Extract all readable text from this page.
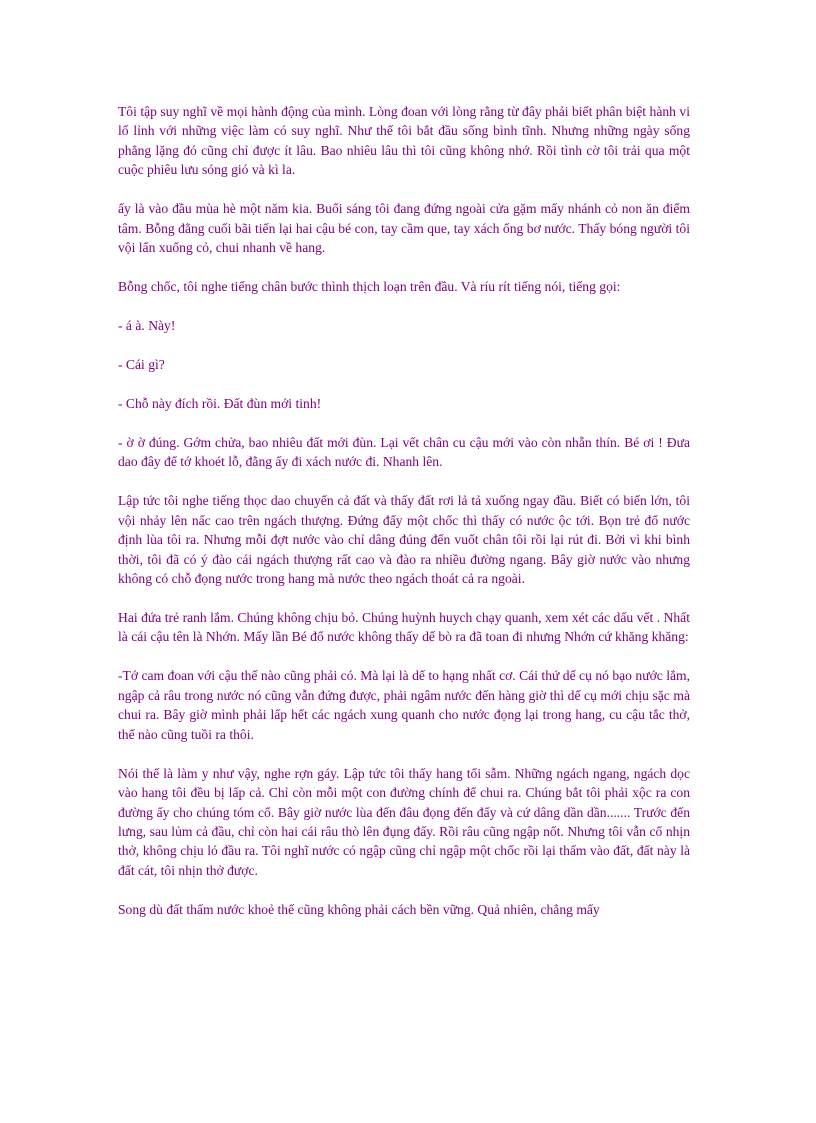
Tôi tập suy nghĩ về mọi hành động của mình. Lòng đoan với lòng rằng từ đây phải biết phân biệt hành vi lố lỉnh với những việc làm có suy nghĩ. Như thế tôi bắt đầu sống bình tĩnh. Nhưng những ngày sống phẳng lặng đó cũng chỉ được ít lâu. Bao nhiêu lâu thì tôi cũng không nhớ. Rồi tình cờ tôi trải qua một cuộc phiêu lưu sóng gió và kì la.

ấy là vào đầu mùa hè một năm kia. Buổi sáng tôi đang đứng ngoài cửa gặm mấy nhánh cỏ non ăn điểm tâm. Bỗng đằng cuối bãi tiến lại hai cậu bé con, tay cầm que, tay xách ống bơ nước. Thấy bóng người tôi vội lẩn xuống cỏ, chui nhanh về hang.

Bỗng chốc, tôi nghe tiếng chân bước thình thịch loạn trên đầu. Và ríu rít tiếng nói, tiếng gọi:

- á à. Này!

- Cái gì?

- Chỗ này đích rồi. Đất đùn mới tinh!

- ờ ờ đúng. Gớm chửa, bao nhiêu đất mới đùn. Lại vết chân cu cậu mới vào còn nhẵn thín. Bé ơi ! Đưa dao đây để tớ khoét lỗ, đằng ấy đi xách nước đi. Nhanh lên.

Lập tức tôi nghe tiếng thọc dao chuyển cả đất và thấy đất rơi lả tả xuống ngay đầu. Biết có biến lớn, tôi vội nhảy lên nấc cao trên ngách thượng. Đứng đấy một chốc thì thấy có nước ộc tới. Bọn trẻ đổ nước định lùa tôi ra. Nhưng mỗi đợt nước vào chỉ dâng đúng đến vuốt chân tôi rồi lại rút đi. Bởi vì khi bình thời, tôi đã có ý đào cái ngách thượng rất cao và đào ra nhiều đường ngang. Bây giờ nước vào nhưng không có chỗ đọng nước trong hang mà nước theo ngách thoát cả ra ngoài.

Hai đứa trẻ ranh lắm. Chúng không chịu bỏ. Chúng huỳnh huych chạy quanh, xem xét các dấu vết . Nhất là cái cậu tên là Nhớn. Mấy lần Bé đổ nước không thấy dế bò ra đã toan đi nhưng Nhớn cứ khăng khăng:

-Tớ cam đoan với cậu thế nào cũng phải có. Mà lại là dế to hạng nhất cơ. Cái thứ dế cụ nó bạo nước lắm, ngập cả râu trong nước nó cũng vẫn đứng được, phải ngâm nước đến hàng giờ thì dế cụ mới chịu sặc mà chui ra. Bây giờ mình phải lấp hết các ngách xung quanh cho nước đọng lại trong hang, cu cậu tắc thở, thế nào cũng tuồi ra thôi.

Nói thế là làm y như vậy, nghe rợn gáy. Lập tức tôi thấy hang tối sẫm. Những ngách ngang, ngách dọc vào hang tôi đều bị lấp cả. Chỉ còn mỗi một con đường chính để chui ra. Chúng bắt tôi phải xộc ra con đường ấy cho chúng tóm cổ. Bây giờ nước lùa đến đâu đọng đến đấy và cứ dâng dần dần....... Trước đến lưng, sau lủm cả đầu, chỉ còn hai cái râu thò lên đụng đấy. Rồi râu cũng ngập nốt. Nhưng tôi vẫn cố nhịn thở, không chịu ló đầu ra. Tôi nghĩ nước có ngập cũng chỉ ngập một chốc rồi lại thấm vào đất, đất này là đất cát, tôi nhịn thở được.

Song dù đất thấm nước khoẻ thế cũng không phải cách bền vững. Quả nhiên, chẳng mấy
